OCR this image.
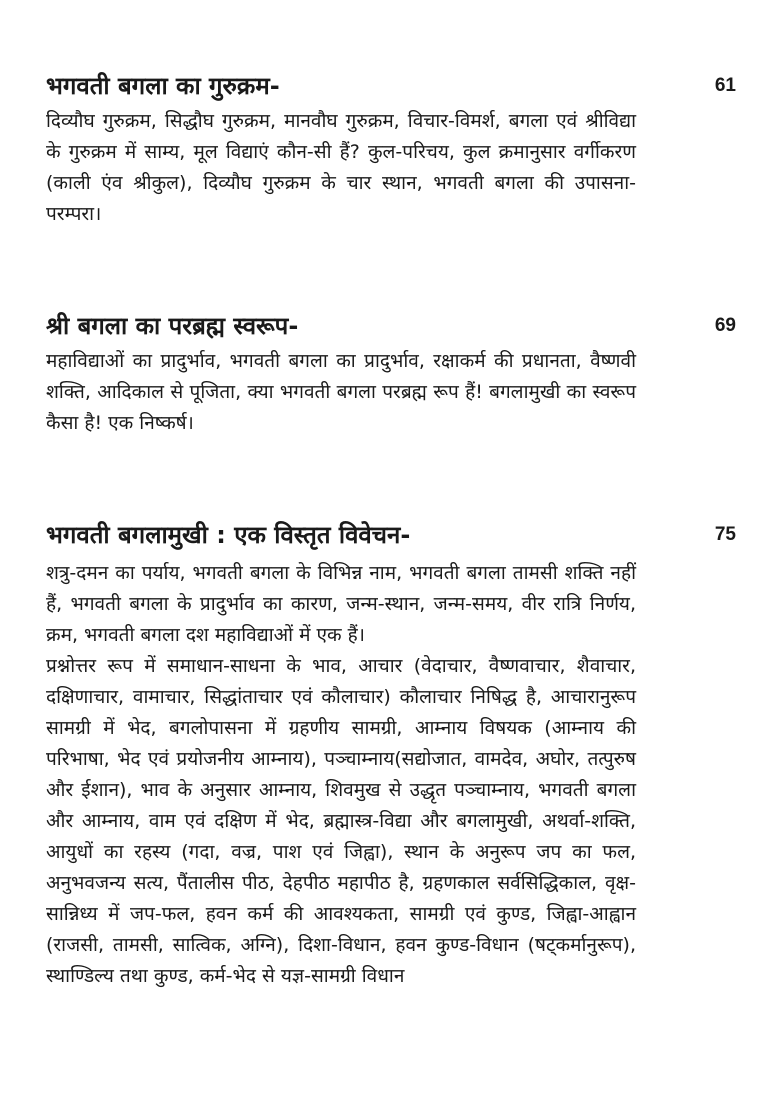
भगवती बगला का गुरुक्रम-	61

दिव्यौघ गुरुक्रम, सिद्धौघ गुरुक्रम, मानवौघ गुरुक्रम, विचार-विमर्श, बगला एवं श्रीविद्या के गुरुक्रम में साम्य, मूल विद्याएं कौन-सी हैं? कुल-परिचय, कुल क्रमानुसार वर्गीकरण (काली एंव श्रीकुल), दिव्यौघ गुरुक्रम के चार स्थान, भगवती बगला की उपासना-परम्परा।

श्री बगला का परब्रह्म स्वरूप-	69

महाविद्याओं का प्रादुर्भाव, भगवती बगला का प्रादुर्भाव, रक्षाकर्म की प्रधानता, वैष्णवी शक्ति, आदिकाल से पूजिता, क्या भगवती बगला परब्रह्म रूप हैं! बगलामुखी का स्वरूप कैसा है! एक निष्कर्ष।

भगवती बगलामुखी : एक विस्तृत विवेचन-	75

शत्रु-दमन का पर्याय, भगवती बगला के विभिन्न नाम, भगवती बगला तामसी शक्ति नहीं हैं, भगवती बगला के प्रादुर्भाव का कारण, जन्म-स्थान, जन्म-समय, वीर रात्रि निर्णय, क्रम, भगवती बगला दश महाविद्याओं में एक हैं।

प्रश्नोत्तर रूप में समाधान-साधना के भाव, आचार (वेदाचार, वैष्णवाचार, शैवाचार, दक्षिणाचार, वामाचार, सिद्धांताचार एवं कौलाचार) कौलाचार निषिद्ध है, आचारानुरूप सामग्री में भेद, बगलोपासना में ग्रहणीय सामग्री, आम्नाय विषयक (आम्नाय की परिभाषा, भेद एवं प्रयोजनीय आम्नाय), पञ्चाम्नाय(सद्योजात, वामदेव, अघोर, तत्पुरुष और ईशान), भाव के अनुसार आम्नाय, शिवमुख से उद्धृत पञ्चाम्नाय, भगवती बगला और आम्नाय, वाम एवं दक्षिण में भेद, ब्रह्मास्त्र-विद्या और बगलामुखी, अथर्वा-शक्ति, आयुधों का रहस्य (गदा, वज्र, पाश एवं जिह्वा), स्थान के अनुरूप जप का फल, अनुभवजन्य सत्य, पैंतालीस पीठ, देहपीठ महापीठ है, ग्रहणकाल सर्वसिद्धिकाल, वृक्ष-सान्निध्य में जप-फल, हवन कर्म की आवश्यकता, सामग्री एवं कुण्ड, जिह्वा-आह्वान (राजसी, तामसी, सात्विक, अग्नि), दिशा-विधान, हवन कुण्ड-विधान (षट्कर्मानुरूप), स्थाण्डिल्य तथा कुण्ड, कर्म-भेद से यज्ञ-सामग्री विधान
